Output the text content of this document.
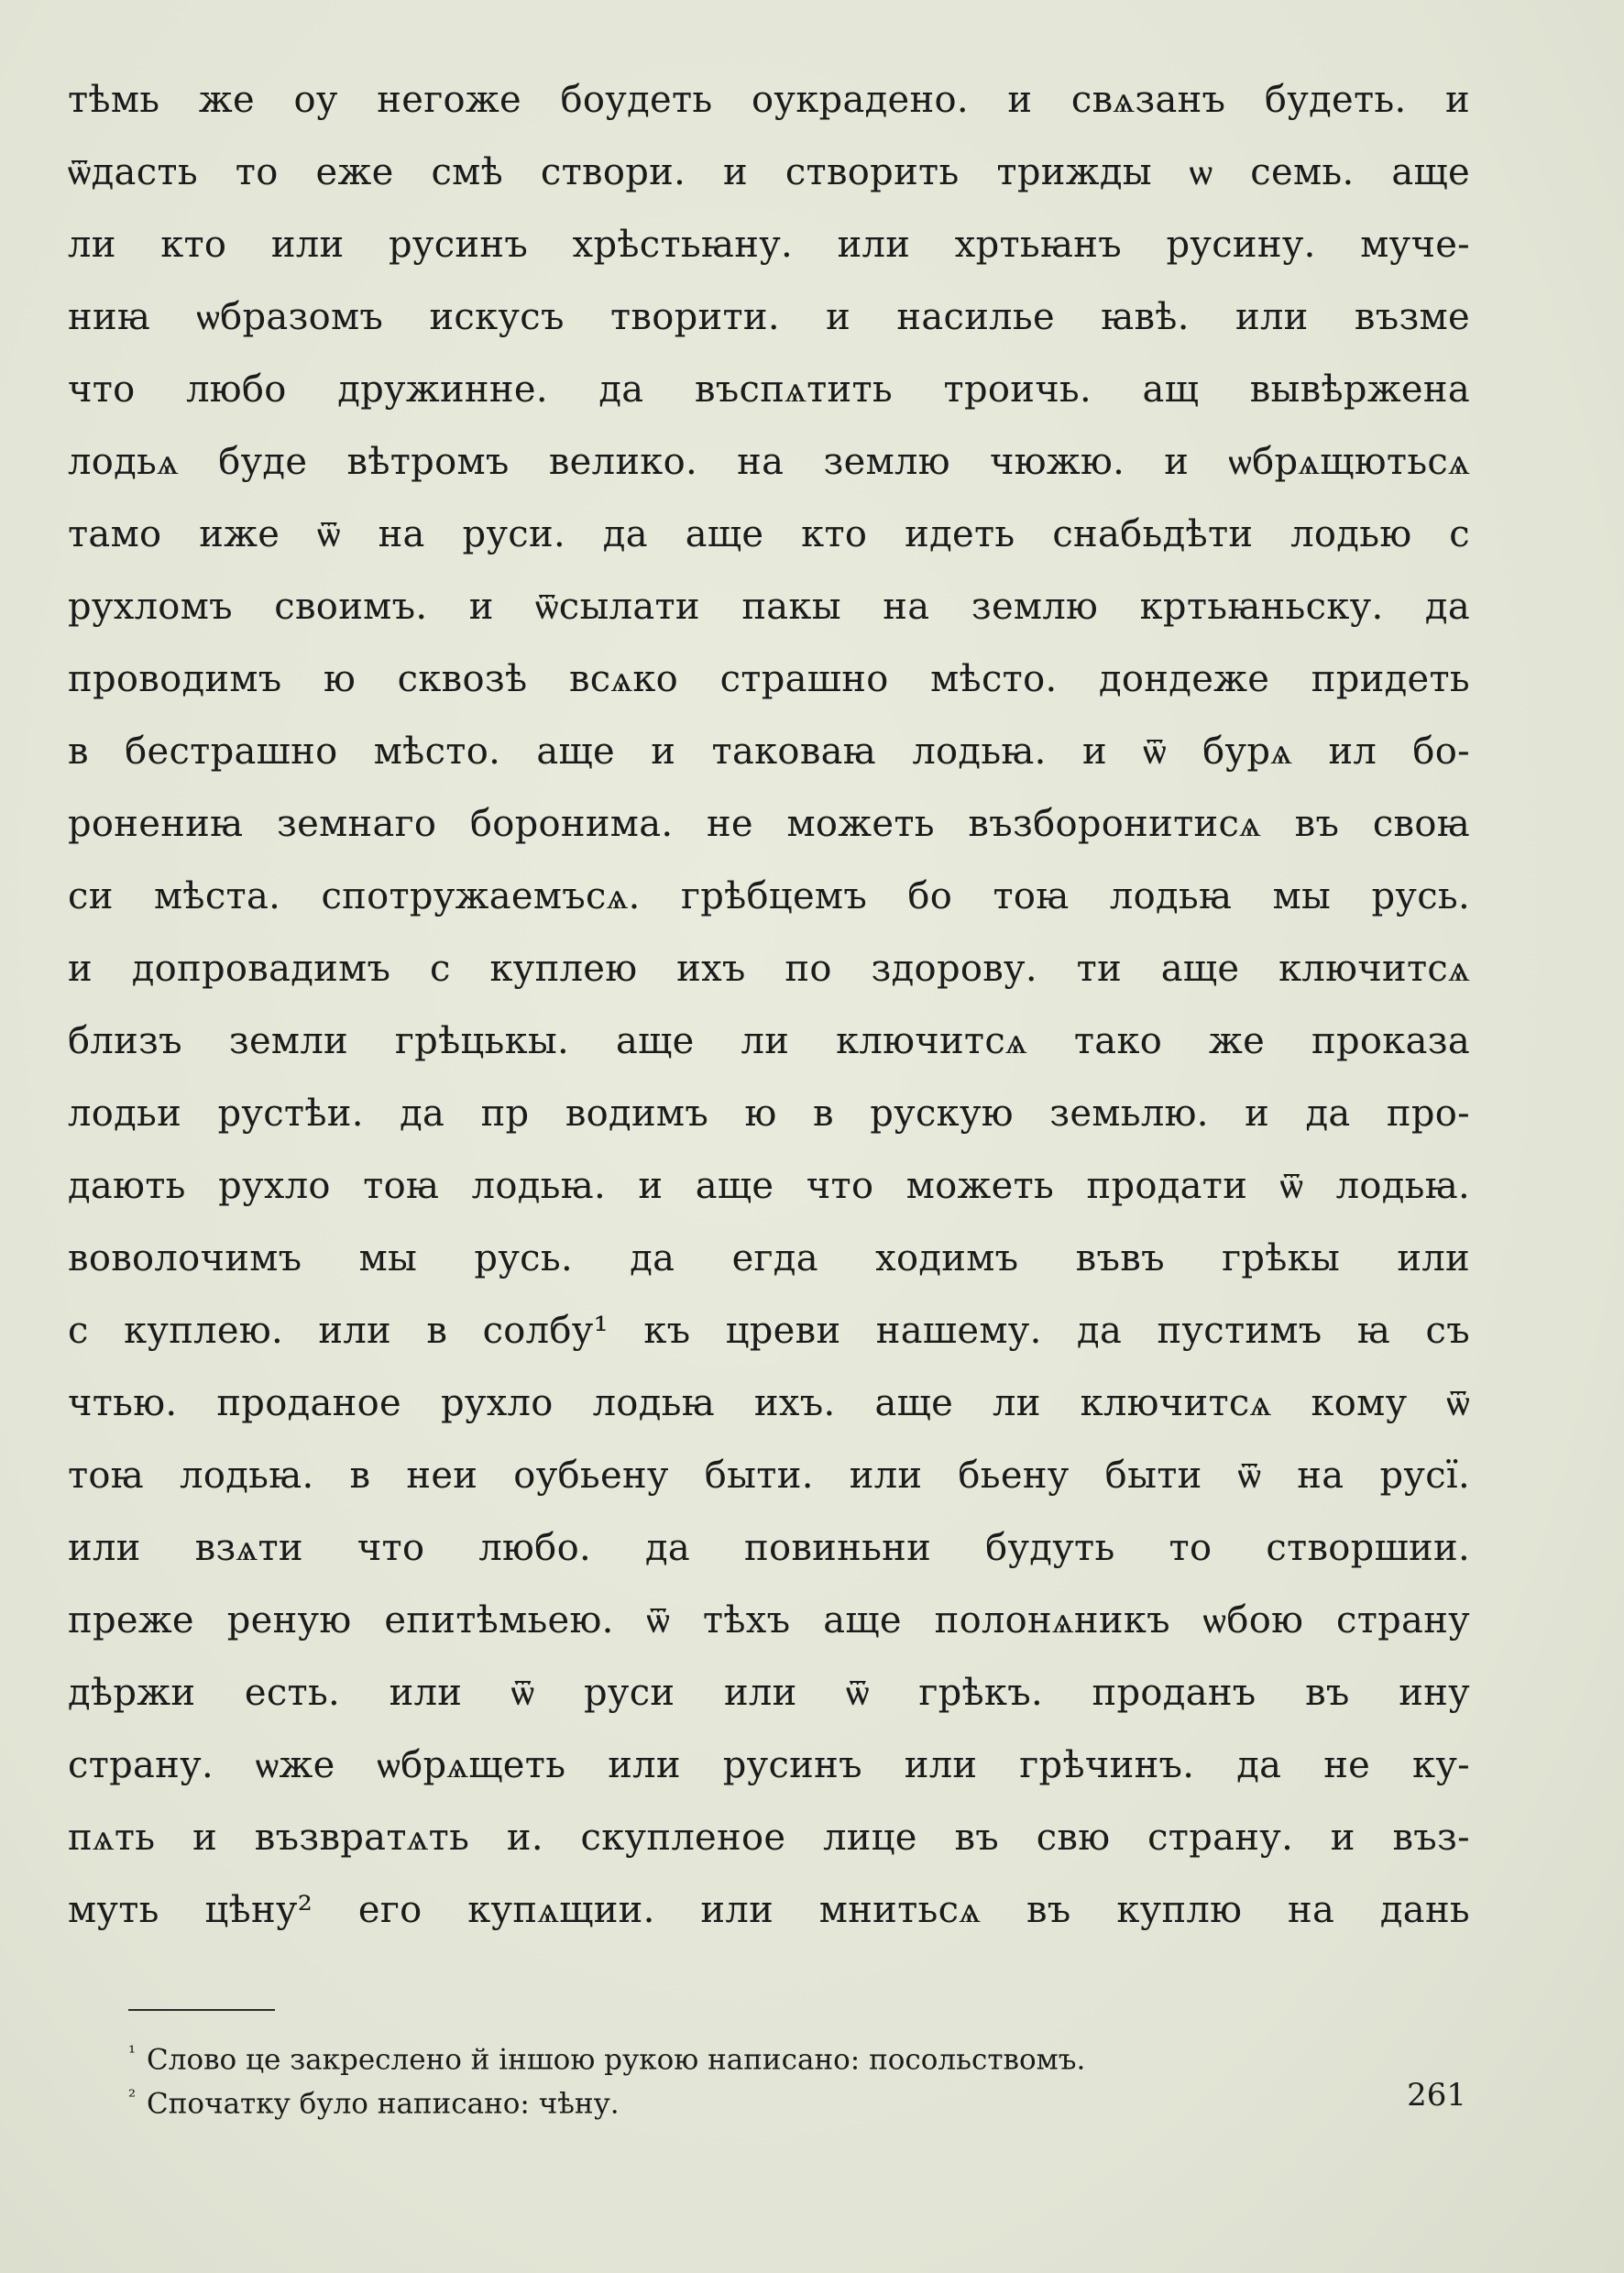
тѣмь же оу негоже боудеть оукрадено. и свѧзанъ будеть. и
ѿдасть то еже смѣ створи. и створить трижды ѡ семь. аще
ли кто или русинъ хрѣстьꙗну. или хртьꙗнъ русину. муче-
ниꙗ ѡбразомъ искусъ творити. и насилье ꙗвѣ. или възме
что любо дружинне. да въспѧтить троичь. ащ вывѣржена
лодьѧ буде вѣтромъ велико. на землю чюжю. и ѡбрѧщютьсѧ
тамо иже ѿ на руси. да аще кто идеть снабьдѣти лодью с
рухломъ своимъ. и ѿсылати пакы на землю кртьꙗньску. да
проводимъ ю сквозѣ всѧко страшно мѣсто. дондеже придеть
в бестрашно мѣсто. аще и таковаꙗ лодьꙗ. и ѿ бурѧ ил бо-
ронениꙗ земнаго боронима. не можеть възборонитисѧ въ своꙗ
си мѣста. спотружаемъсѧ. грѣбцемъ бо тоꙗ лодьꙗ мы русь.
и допровадимъ с куплею ихъ по здорову. ти аще ключитсѧ
близъ земли грѣцькы. аще ли ключитсѧ тако же проказа
лодьи рустѣи. да пр водимъ ю в рускую земьлю. и да про-
дають рухло тоꙗ лодьꙗ. и аще что можеть продати ѿ лодьꙗ.
воволочимъ мы русь. да егда ходимъ въвъ грѣкы или
с куплею. или в солбу¹ къ цреви нашему. да пустимъ ꙗ съ
чтью. проданое рухло лодьꙗ ихъ. аще ли ключитсѧ кому ѿ
тоꙗ лодьꙗ. в неи оубьену быти. или бьену быти ѿ на русї.
или взѧти что любо. да повиньни будуть то створшии.
преже реную епитѣмьею. ѿ тѣхъ аще полонѧникъ ѡбою страну
дѣржи есть. или ѿ руси или ѿ грѣкъ. проданъ въ ину
страну. ѡже ѡбрѧщеть или русинъ или грѣчинъ. да не ку-
пѧть и възвратѧть и. скупленое лице въ свю страну. и въз-
муть цѣну² его купѧщии. или мнитьсѧ въ куплю на дань
$^{^1}$ Слово це закреслено й іншою рукою написано: посольствомъ.
$^{^2}$ Спочатку було написано: чѣну.	261
